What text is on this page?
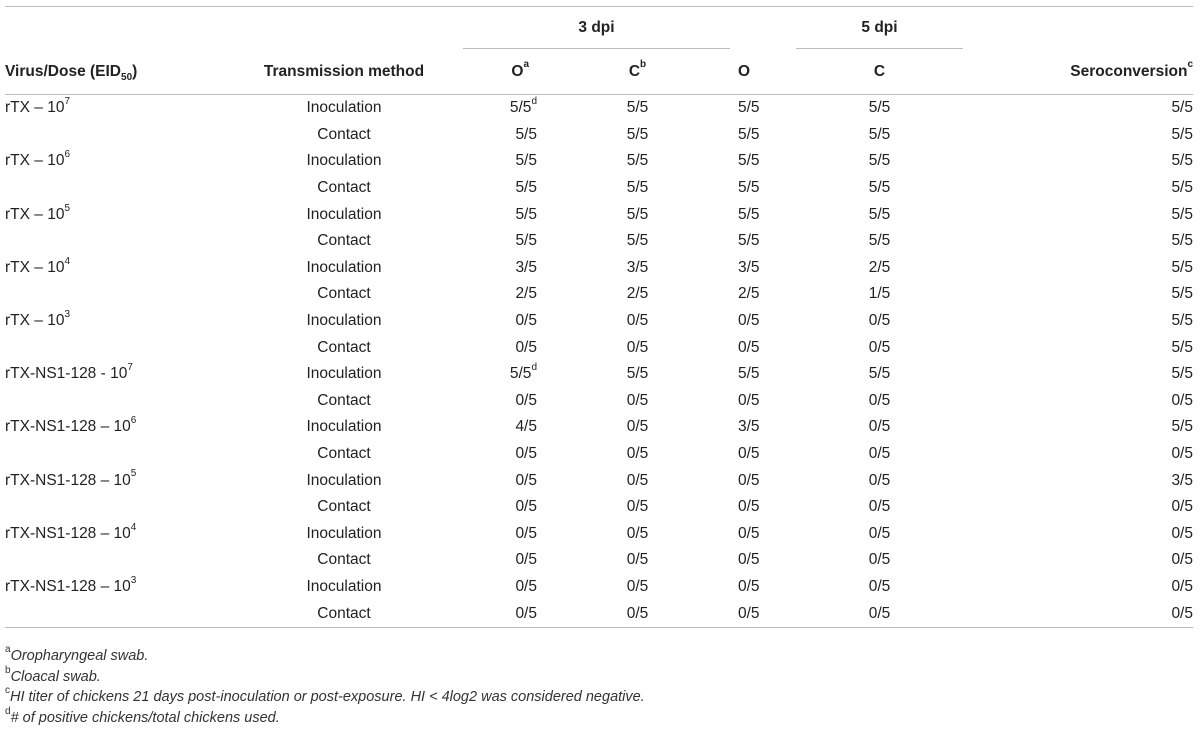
		3 dpi			5 dpi	

Virus/Dose $(EID_{50})$	Transmission method	$O^a$	$C^b$	O	C	Seroconversion$^c$
rTX – $10^7$	Inoculation	5/5$^d$	5/5	5/5	5/5	5/5
	Contact	5/5	5/5	5/5	5/5	5/5
rTX – $10^6$	Inoculation	5/5	5/5	5/5	5/5	5/5
	Contact	5/5	5/5	5/5	5/5	5/5
rTX – $10^5$	Inoculation	5/5	5/5	5/5	5/5	5/5
	Contact	5/5	5/5	5/5	5/5	5/5
rTX – $10^4$	Inoculation	3/5	3/5	3/5	2/5	5/5
	Contact	2/5	2/5	2/5	1/5	5/5
rTX – $10^3$	Inoculation	0/5	0/5	0/5	0/5	5/5
	Contact	0/5	0/5	0/5	0/5	5/5
$rTX-NS1-128 - 10^7$	Inoculation	5/5$^d$	5/5	5/5	5/5	5/5
	Contact	0/5	0/5	0/5	0/5	0/5
$rTX-NS1-128 - 10^6$	Inoculation	4/5	0/5	3/5	0/5	5/5
	Contact	0/5	0/5	0/5	0/5	0/5
$rTX-NS1-128 - 10^5$	Inoculation	0/5	0/5	0/5	0/5	3/5
	Contact	0/5	0/5	0/5	0/5	0/5
$rTX-NS1-128 - 10^4$	Inoculation	0/5	0/5	0/5	0/5	0/5
	Contact	0/5	0/5	0/5	0/5	0/5
$rTX-NS1-128 - 10^3$	Inoculation	0/5	0/5	0/5	0/5	0/5
	Contact	0/5	0/5	0/5	0/5	0/5

$^a$Oropharyngeal swab.
$^b$Cloacal swab.
$^c$HI titer of chickens 21 days post-inoculation or post-exposure. HI < 4log2 was considered negative.
$^d$# of positive chickens/total chickens used.
